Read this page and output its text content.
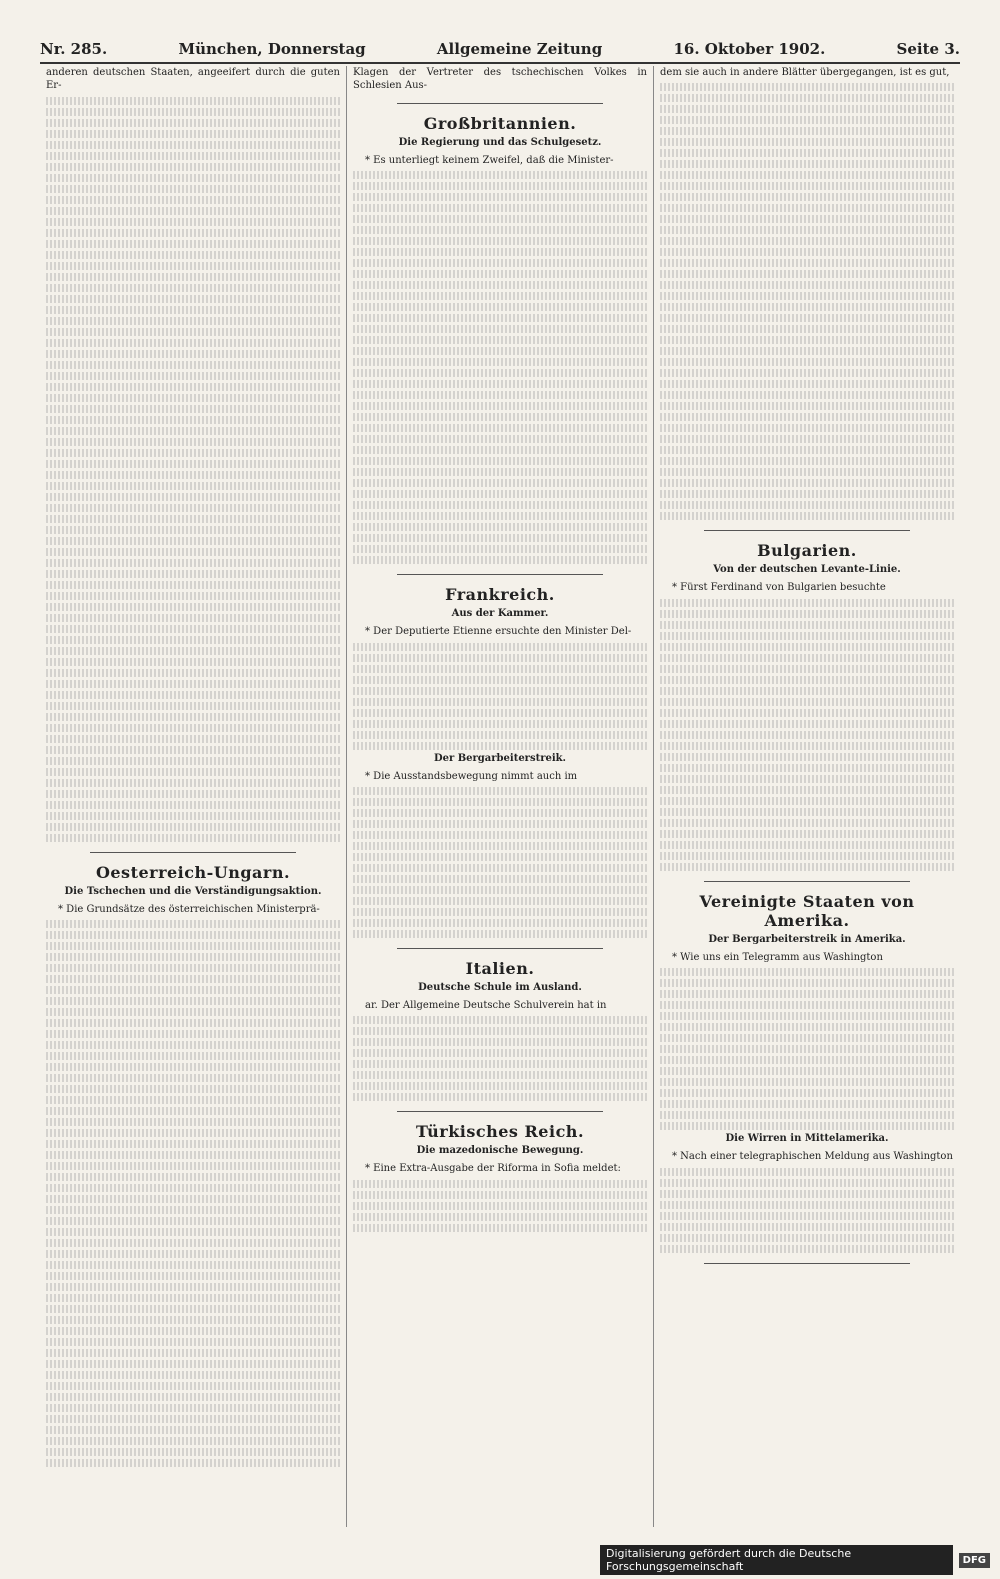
Nr. 285.	München, Donnerstag	Allgemeine Zeitung	16. Oktober 1902.	Seite 3.

anderen deutschen Staaten, angeeifert durch die guten Er-

Oesterreich-Ungarn.
Die Tschechen und die Verständigungsaktion.

* Die Grundsätze des österreichischen Ministerprä-

Klagen der Vertreter des tschechischen Volkes in Schlesien Aus-

Großbritannien.
Die Regierung und das Schulgesetz.

* Es unterliegt keinem Zweifel, daß die Minister-

Frankreich.
Aus der Kammer.

* Der Deputierte Etienne ersuchte den Minister Del-

Der Bergarbeiterstreik.

* Die Ausstandsbewegung nimmt auch im

Italien.
Deutsche Schule im Ausland.

ar. Der Allgemeine Deutsche Schulverein hat in

Türkisches Reich.
Die mazedonische Bewegung.

* Eine Extra-Ausgabe der Riforma in Sofia meldet:

dem sie auch in andere Blätter übergegangen, ist es gut,

Bulgarien.
Von der deutschen Levante-Linie.

* Fürst Ferdinand von Bulgarien besuchte

Vereinigte Staaten von Amerika.
Der Bergarbeiterstreik in Amerika.

* Wie uns ein Telegramm aus Washington

Die Wirren in Mittelamerika.

* Nach einer telegraphischen Meldung aus Washington

Digitalisierung gefördert durch die Deutsche Forschungsgemeinschaft	DFG
